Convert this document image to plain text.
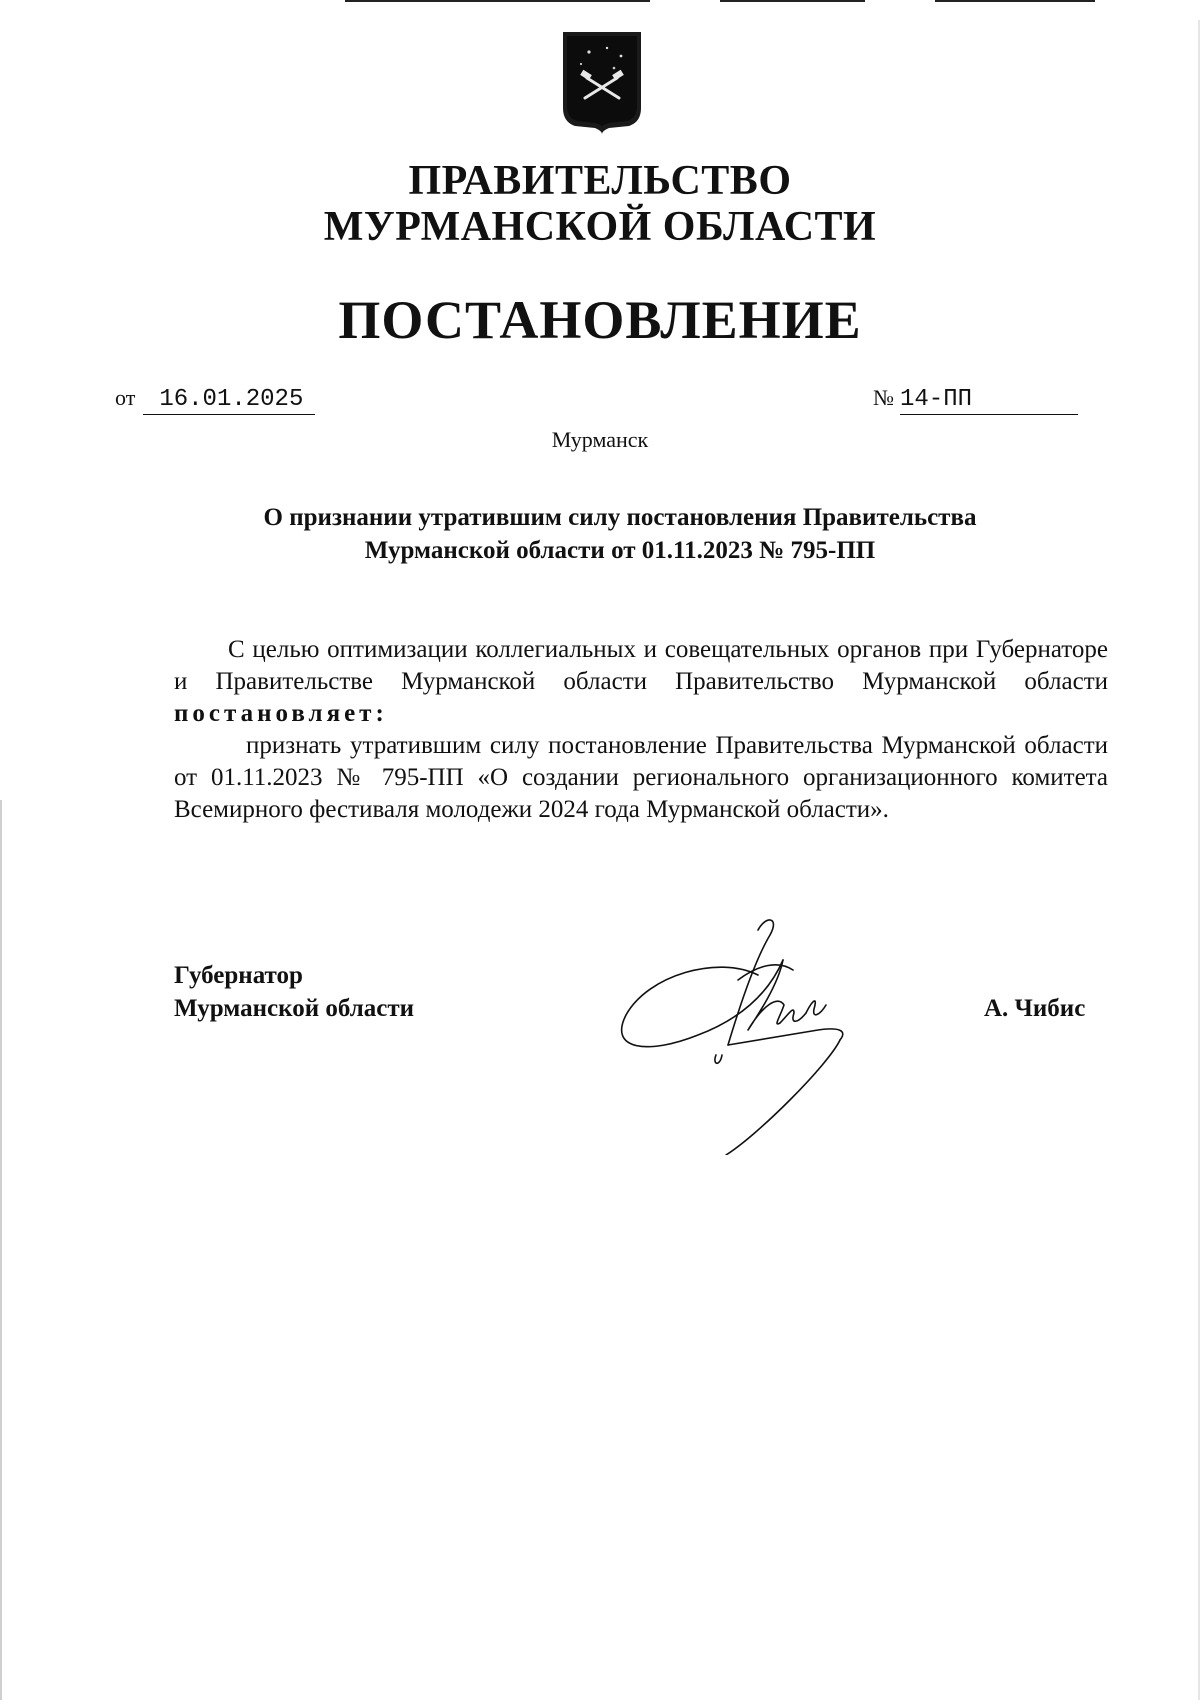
ПРАВИТЕЛЬСТВО
МУРМАНСКОЙ ОБЛАСТИ
ПОСТАНОВЛЕНИЕ
от 16.01.2025	№ 14-ПП
Мурманск
О признании утратившим силу постановления Правительства
Мурманской области от 01.11.2023 № 795-ПП
С целью оптимизации коллегиальных и совещательных органов при Губернаторе и Правительстве Мурманской области Правительство Мурманской области постановляет:
признать утратившим силу постановление Правительства Мурманской области от 01.11.2023 № 795-ПП «О создании регионального организационного комитета Всемирного фестиваля молодежи 2024 года Мурманской области».
Губернатор
Мурманской области	А. Чибис
